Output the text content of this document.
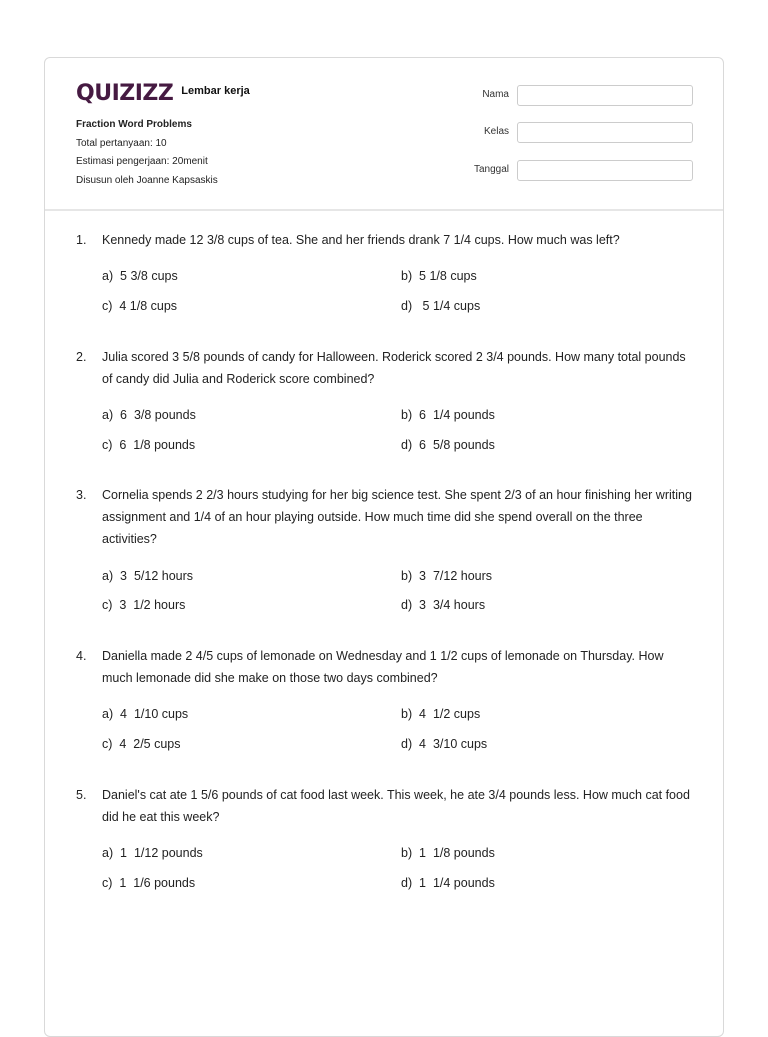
QUIZIZZ Lembar kerja
Fraction Word Problems
Total pertanyaan: 10
Estimasi pengerjaan: 20menit
Disusun oleh Joanne Kapsaskis
Nama
Kelas
Tanggal
1. Kennedy made 12 3/8 cups of tea. She and her friends drank 7 1/4 cups. How much was left?
a)  5 3/8 cups	b)  5 1/8 cups
c)  4 1/8 cups	d)   5 1/4 cups
2. Julia scored 3 5/8 pounds of candy for Halloween. Roderick scored 2 3/4 pounds. How many total pounds of candy did Julia and Roderick score combined?
a)  6  3/8 pounds	b)  6  1/4 pounds
c)  6  1/8 pounds	d)  6  5/8 pounds
3. Cornelia spends 2 2/3 hours studying for her big science test. She spent 2/3 of an hour finishing her writing assignment and 1/4 of an hour playing outside. How much time did she spend overall on the three activities?
a)  3  5/12 hours	b)  3  7/12 hours
c)  3  1/2 hours	d)  3  3/4 hours
4. Daniella made 2 4/5 cups of lemonade on Wednesday and 1 1/2 cups of lemonade on Thursday. How much lemonade did she make on those two days combined?
a)  4  1/10 cups	b)  4  1/2 cups
c)  4  2/5 cups	d)  4  3/10 cups
5. Daniel's cat ate 1 5/6 pounds of cat food last week. This week, he ate 3/4 pounds less. How much cat food did he eat this week?
a)  1  1/12 pounds	b)  1  1/8 pounds
c)  1  1/6 pounds	d)  1  1/4 pounds
